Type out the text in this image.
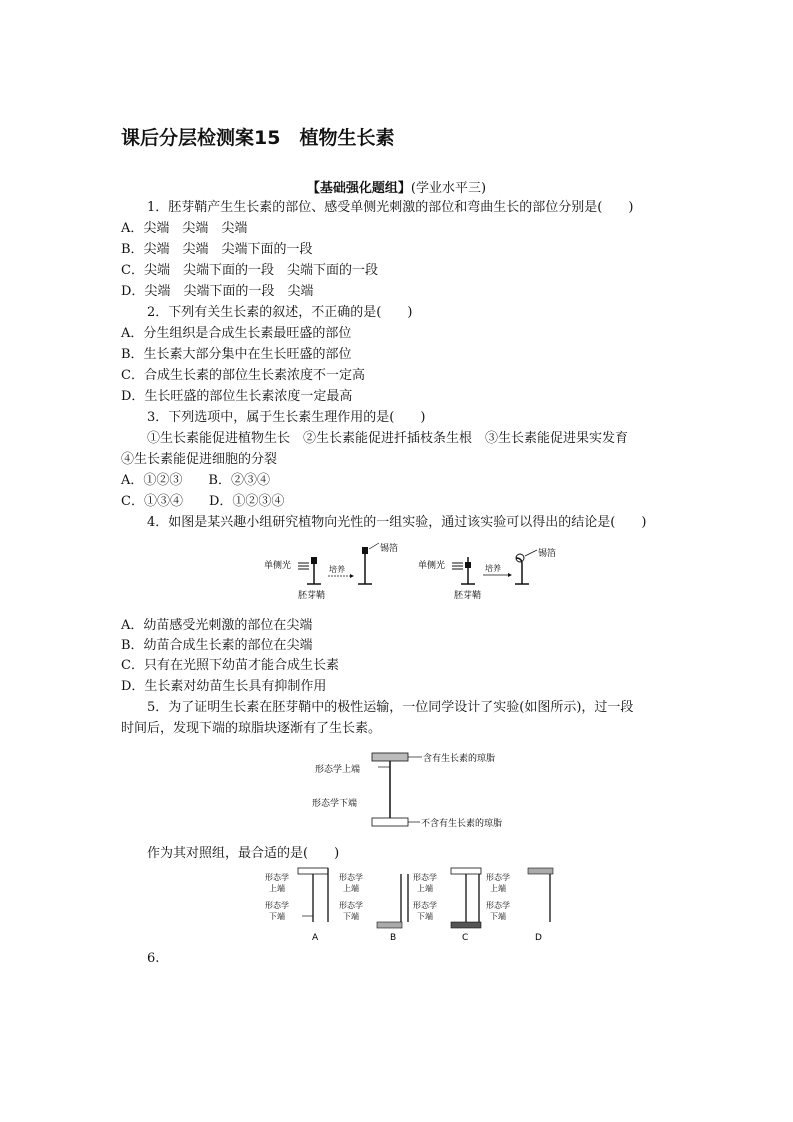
课后分层检测案15　植物生长素
【基础强化题组】(学业水平三)
1．胚芽鞘产生生长素的部位、感受单侧光刺激的部位和弯曲生长的部位分别是(　　)
A．尖端　尖端　尖端
B．尖端　尖端　尖端下面的一段
C．尖端　尖端下面的一段　尖端下面的一段
D．尖端　尖端下面的一段　尖端
2．下列有关生长素的叙述，不正确的是(　　)
A．分生组织是合成生长素最旺盛的部位
B．生长素大部分集中在生长旺盛的部位
C．合成生长素的部位生长素浓度不一定高
D．生长旺盛的部位生长素浓度一定最高
3．下列选项中，属于生长素生理作用的是(　　)
①生长素能促进植物生长　②生长素能促进扦插枝条生根　③生长素能促进果实发育
④生长素能促进细胞的分裂
A．①②③　　B．②③④
C．①③④　　D．①②③④
4．如图是某兴趣小组研究植物向光性的一组实验，通过该实验可以得出的结论是(　　)
单侧光
胚芽鞘
培养
锡箔
单侧光
胚芽鞘
培养
锡箔
A．幼苗感受光刺激的部位在尖端
B．幼苗合成生长素的部位在尖端
C．只有在光照下幼苗才能合成生长素
D．生长素对幼苗生长具有抑制作用
5．为了证明生长素在胚芽鞘中的极性运输，一位同学设计了实验(如图所示)，过一段
时间后，发现下端的琼脂块逐渐有了生长素。
含有生长素的琼脂
形态学上端
形态学下端
不含有生长素的琼脂
作为其对照组，最合适的是(　　)
形态学
上端
形态学
下端
A
形态学
上端
形态学
下端
B
形态学
上端
形态学
下端
C
形态学
上端
形态学
下端
D
6.
